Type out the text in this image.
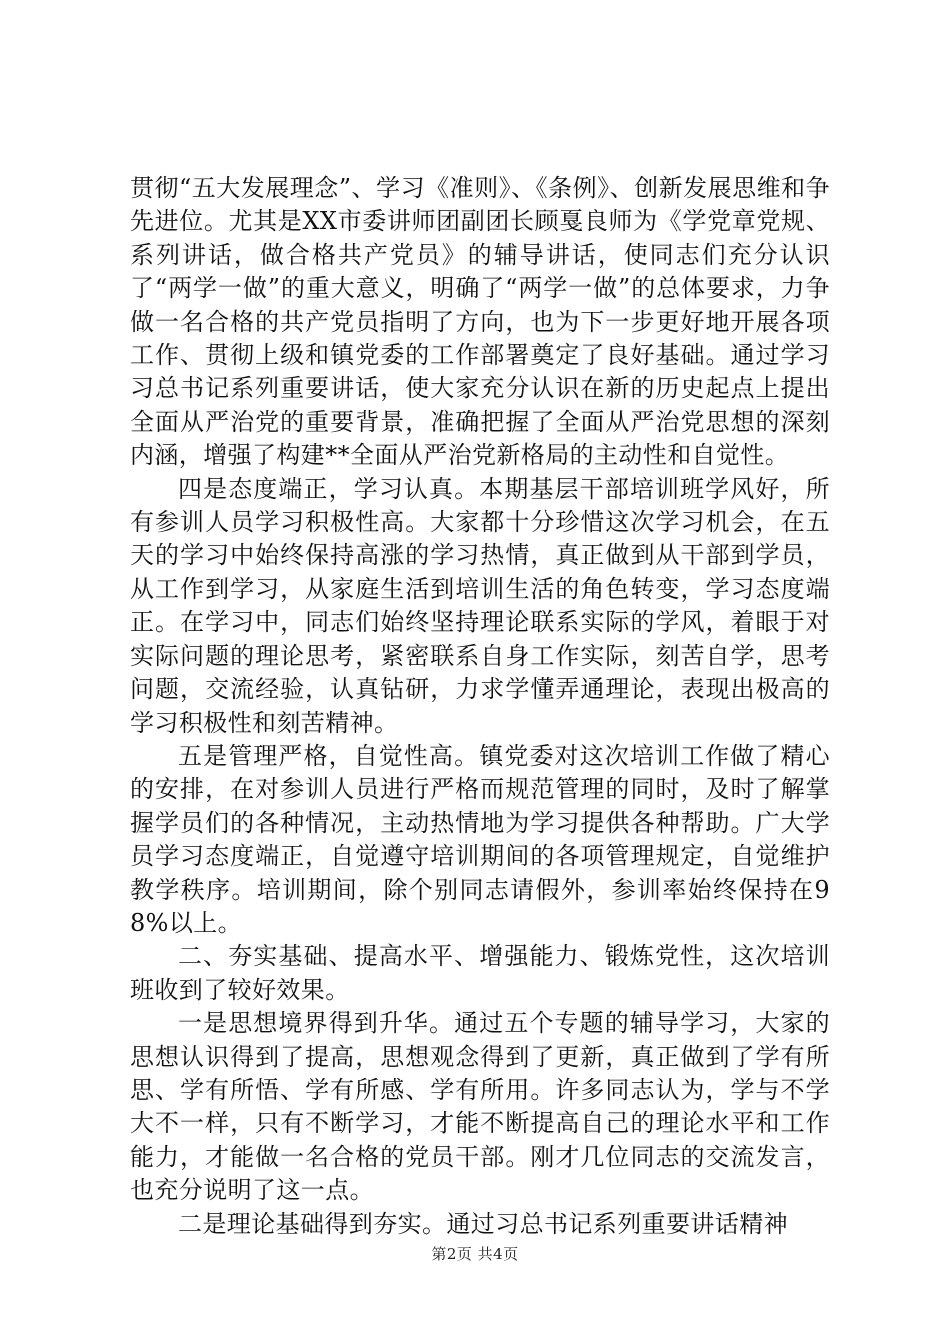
贯彻“五大发展理念”、学习《准则》、《条例》、创新发展思维和争先进位。尤其是XX市委讲师团副团长顾戛良师为《学党章党规、系列讲话，做合格共产党员》的辅导讲话，使同志们充分认识了“两学一做”的重大意义，明确了“两学一做”的总体要求，力争做一名合格的共产党员指明了方向，也为下一步更好地开展各项工作、贯彻上级和镇党委的工作部署奠定了良好基础。通过学习习总书记系列重要讲话，使大家充分认识在新的历史起点上提出全面从严治党的重要背景，准确把握了全面从严治党思想的深刻内涵，增强了构建**全面从严治党新格局的主动性和自觉性。

四是态度端正，学习认真。本期基层干部培训班学风好，所有参训人员学习积极性高。大家都十分珍惜这次学习机会，在五天的学习中始终保持高涨的学习热情，真正做到从干部到学员，从工作到学习，从家庭生活到培训生活的角色转变，学习态度端正。在学习中，同志们始终坚持理论联系实际的学风，着眼于对实际问题的理论思考，紧密联系自身工作实际，刻苦自学，思考问题，交流经验，认真钻研，力求学懂弄通理论，表现出极高的学习积极性和刻苦精神。

五是管理严格，自觉性高。镇党委对这次培训工作做了精心的安排，在对参训人员进行严格而规范管理的同时，及时了解掌握学员们的各种情况，主动热情地为学习提供各种帮助。广大学员学习态度端正，自觉遵守培训期间的各项管理规定，自觉维护教学秩序。培训期间，除个别同志请假外，参训率始终保持在98%以上。

二、夯实基础、提高水平、增强能力、锻炼党性，这次培训班收到了较好效果。

一是思想境界得到升华。通过五个专题的辅导学习，大家的思想认识得到了提高，思想观念得到了更新，真正做到了学有所思、学有所悟、学有所感、学有所用。许多同志认为，学与不学大不一样，只有不断学习，才能不断提高自己的理论水平和工作能力，才能做一名合格的党员干部。刚才几位同志的交流发言，也充分说明了这一点。

二是理论基础得到夯实。通过习总书记系列重要讲话精神

第2页 共4页
